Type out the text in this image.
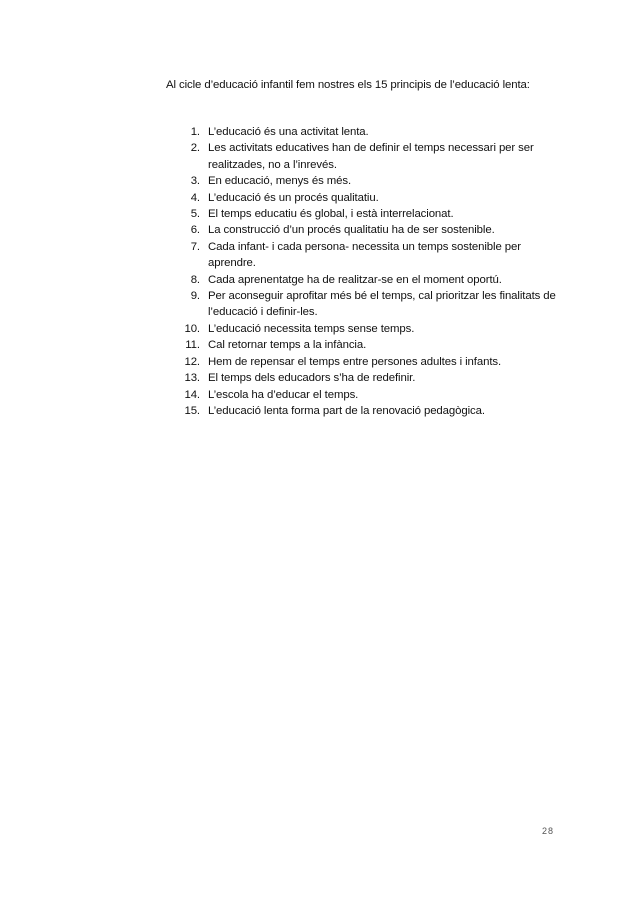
Al cicle d’educació infantil fem nostres els 15 principis de l’educació lenta:

1. L’educació és una activitat lenta.
2. Les activitats educatives han de definir el temps necessari per ser realitzades, no a l’inrevés.
3. En educació, menys és més.
4. L’educació és un procés qualitatiu.
5. El temps educatiu és global, i està interrelacionat.
6. La construcció d’un procés qualitatiu ha de ser sostenible.
7. Cada infant- i cada persona- necessita un temps sostenible per aprendre.
8. Cada aprenentatge ha de realitzar-se en el moment oportú.
9. Per aconseguir aprofitar més bé el temps, cal prioritzar les finalitats de l’educació i definir-les.
10. L’educació necessita temps sense temps.
11. Cal retornar temps a la infància.
12. Hem de repensar el temps entre persones adultes i infants.
13. El temps dels educadors s’ha de redefinir.
14. L’escola ha d’educar el temps.
15. L’educació lenta forma part de la renovació pedagògica.
28
